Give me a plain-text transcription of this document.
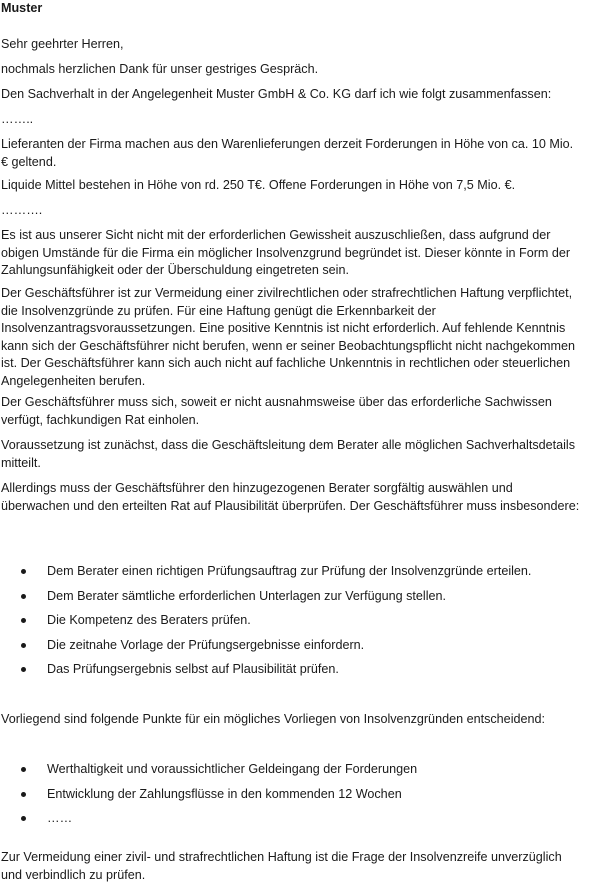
Muster

Sehr geehrter Herren,

nochmals herzlichen Dank für unser gestriges Gespräch.

Den Sachverhalt in der Angelegenheit Muster GmbH & Co. KG darf ich wie folgt zusammenfassen:

……..

Lieferanten der Firma machen aus den Warenlieferungen derzeit Forderungen in Höhe von ca. 10 Mio. € geltend.

Liquide Mittel bestehen in Höhe von rd. 250 T€. Offene Forderungen in Höhe von 7,5 Mio. €.

……….

Es ist aus unserer Sicht nicht mit der erforderlichen Gewissheit auszuschließen, dass aufgrund der obigen Umstände für die Firma ein möglicher Insolvenzgrund begründet ist. Dieser könnte in Form der Zahlungsunfähigkeit oder der Überschuldung eingetreten sein.

Der Geschäftsführer ist zur Vermeidung einer zivilrechtlichen oder strafrechtlichen Haftung verpflichtet, die Insolvenzgründe zu prüfen. Für eine Haftung genügt die Erkennbarkeit der Insolvenzantragsvoraussetzungen. Eine positive Kenntnis ist nicht erforderlich. Auf fehlende Kenntnis kann sich der Geschäftsführer nicht berufen, wenn er seiner Beobachtungspflicht nicht nachgekommen ist. Der Geschäftsführer kann sich auch nicht auf fachliche Unkenntnis in rechtlichen oder steuerlichen Angelegenheiten berufen.

Der Geschäftsführer muss sich, soweit er nicht ausnahmsweise über das erforderliche Sachwissen verfügt, fachkundigen Rat einholen.

Voraussetzung ist zunächst, dass die Geschäftsleitung dem Berater alle möglichen Sachverhaltsdetails mitteilt.

Allerdings muss der Geschäftsführer den hinzugezogenen Berater sorgfältig auswählen und überwachen und den erteilten Rat auf Plausibilität überprüfen. Der Geschäftsführer muss insbesondere:

Dem Berater einen richtigen Prüfungsauftrag zur Prüfung der Insolvenzgründe erteilen.
Dem Berater sämtliche erforderlichen Unterlagen zur Verfügung stellen.
Die Kompetenz des Beraters prüfen.
Die zeitnahe Vorlage der Prüfungsergebnisse einfordern.
Das Prüfungsergebnis selbst auf Plausibilität prüfen.

Vorliegend sind folgende Punkte für ein mögliches Vorliegen von Insolvenzgründen entscheidend:

Werthaltigkeit und voraussichtlicher Geldeingang der Forderungen
Entwicklung der Zahlungsflüsse in den kommenden 12 Wochen
……

Zur Vermeidung einer zivil- und strafrechtlichen Haftung ist die Frage der Insolvenzreife unverzüglich und verbindlich zu prüfen.
